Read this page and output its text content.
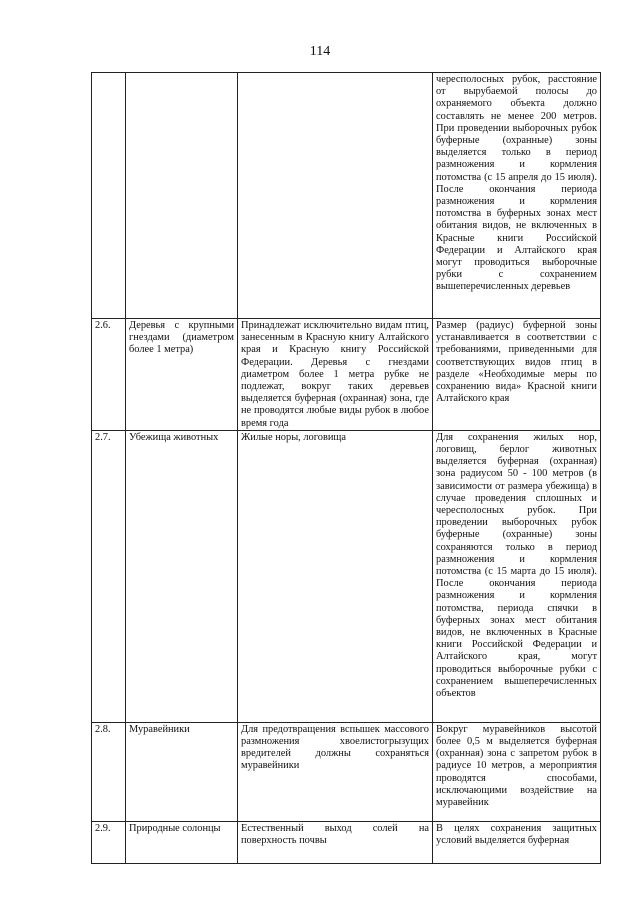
114
			чересполосных рубок, расстояние от вырубаемой полосы до охраняемого объекта должно составлять не менее 200 метров. При проведении выборочных рубок буферные (охранные) зоны выделяется только в период размножения и кормления потомства (с 15 апреля до 15 июля). После окончания периода размножения и кормления потомства в буферных зонах мест обитания видов, не включенных в Красные книги Российской Федерации и Алтайского края могут проводиться выборочные рубки с сохранением вышеперечисленных деревьев
2.6.	Деревья с крупными гнездами (диаметром более 1 метра)	Принадлежат исключительно видам птиц, занесенным в Красную книгу Алтайского края и Красную книгу Российской Федерации. Деревья с гнездами диаметром более 1 метра рубке не подлежат, вокруг таких деревьев выделяется буферная (охранная) зона, где не проводятся любые виды рубок в любое время года	Размер (радиус) буферной зоны устанавливается в соответствии с требованиями, приведенными для соответствующих видов птиц в разделе «Необходимые меры по сохранению вида» Красной книги Алтайского края
2.7.	Убежища животных	Жилые норы, логовища	Для сохранения жилых нор, логовищ, берлог животных выделяется буферная (охранная) зона радиусом 50 - 100 метров (в зависимости от размера убежища) в случае проведения сплошных и чересполосных рубок. При проведении выборочных рубок буферные (охранные) зоны сохраняются только в период размножения и кормления потомства (с 15 марта до 15 июля). После окончания периода размножения и кормления потомства, периода спячки в буферных зонах мест обитания видов, не включенных в Красные книги Российской Федерации и Алтайского края, могут проводиться выборочные рубки с сохранением вышеперечисленных объектов
2.8.	Муравейники	Для предотвращения вспышек массового размножения хвоелистогрызущих вредителей должны сохраняться муравейники	Вокруг муравейников высотой более 0,5 м выделяется буферная (охранная) зона с запретом рубок в радиусе 10 метров, а мероприятия проводятся способами, исключающими воздействие на муравейник
2.9.	Природные солонцы	Естественный выход солей на поверхность почвы	В целях сохранения защитных условий выделяется буферная
